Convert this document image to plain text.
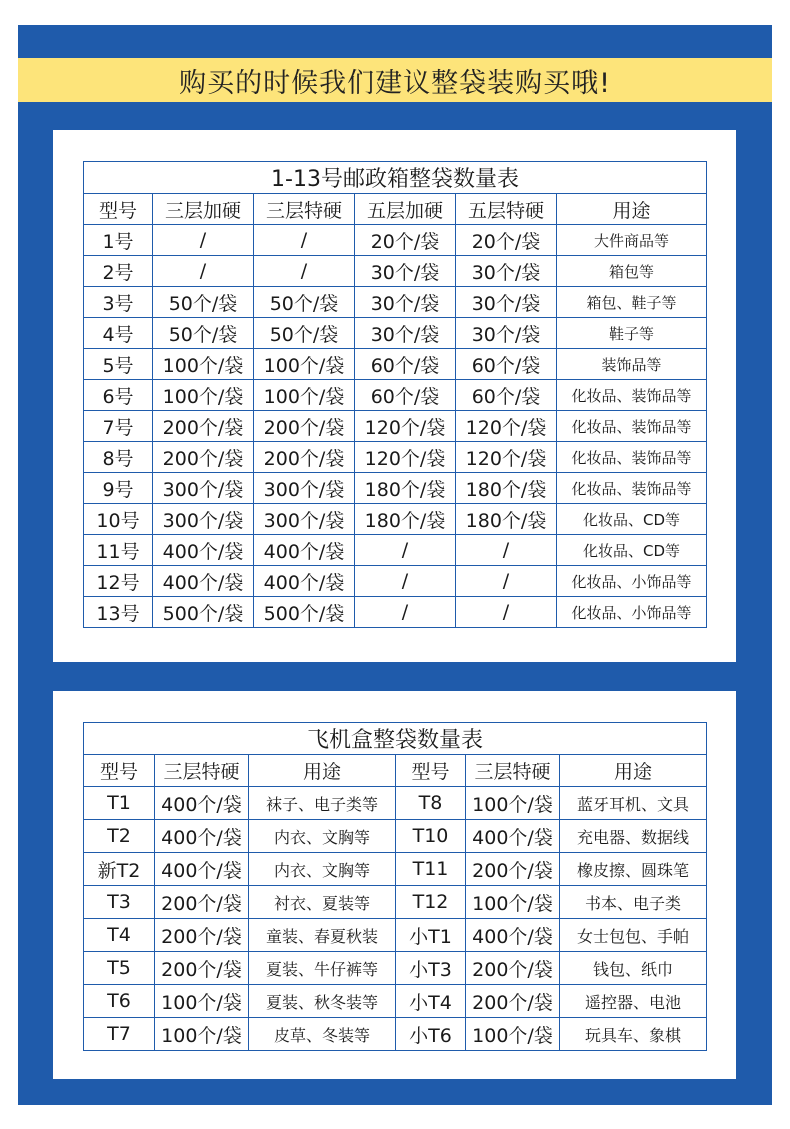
购买的时候我们建议整袋装购买哦!
1-13号邮政箱整袋数量表					
型号	三层加硬	三层特硬	五层加硬	五层特硬	用途
1号	/	/	20个/袋	20个/袋	大件商品等
2号	/	/	30个/袋	30个/袋	箱包等
3号	50个/袋	50个/袋	30个/袋	30个/袋	箱包、鞋子等
4号	50个/袋	50个/袋	30个/袋	30个/袋	鞋子等
5号	100个/袋	100个/袋	60个/袋	60个/袋	装饰品等
6号	100个/袋	100个/袋	60个/袋	60个/袋	化妆品、装饰品等
7号	200个/袋	200个/袋	120个/袋	120个/袋	化妆品、装饰品等
8号	200个/袋	200个/袋	120个/袋	120个/袋	化妆品、装饰品等
9号	300个/袋	300个/袋	180个/袋	180个/袋	化妆品、装饰品等
10号	300个/袋	300个/袋	180个/袋	180个/袋	化妆品、CD等
11号	400个/袋	400个/袋	/	/	化妆品、CD等
12号	400个/袋	400个/袋	/	/	化妆品、小饰品等
13号	500个/袋	500个/袋	/	/	化妆品、小饰品等
飞机盒整袋数量表					
型号	三层特硬	用途	型号	三层特硬	用途
T1	400个/袋	袜子、电子类等	T8	100个/袋	蓝牙耳机、文具
T2	400个/袋	内衣、文胸等	T10	400个/袋	充电器、数据线
新T2	400个/袋	内衣、文胸等	T11	200个/袋	橡皮擦、圆珠笔
T3	200个/袋	衬衣、夏装等	T12	100个/袋	书本、电子类
T4	200个/袋	童装、春夏秋装	小T1	400个/袋	女士包包、手帕
T5	200个/袋	夏装、牛仔裤等	小T3	200个/袋	钱包、纸巾
T6	100个/袋	夏装、秋冬装等	小T4	200个/袋	遥控器、电池
T7	100个/袋	皮草、冬装等	小T6	100个/袋	玩具车、象棋
